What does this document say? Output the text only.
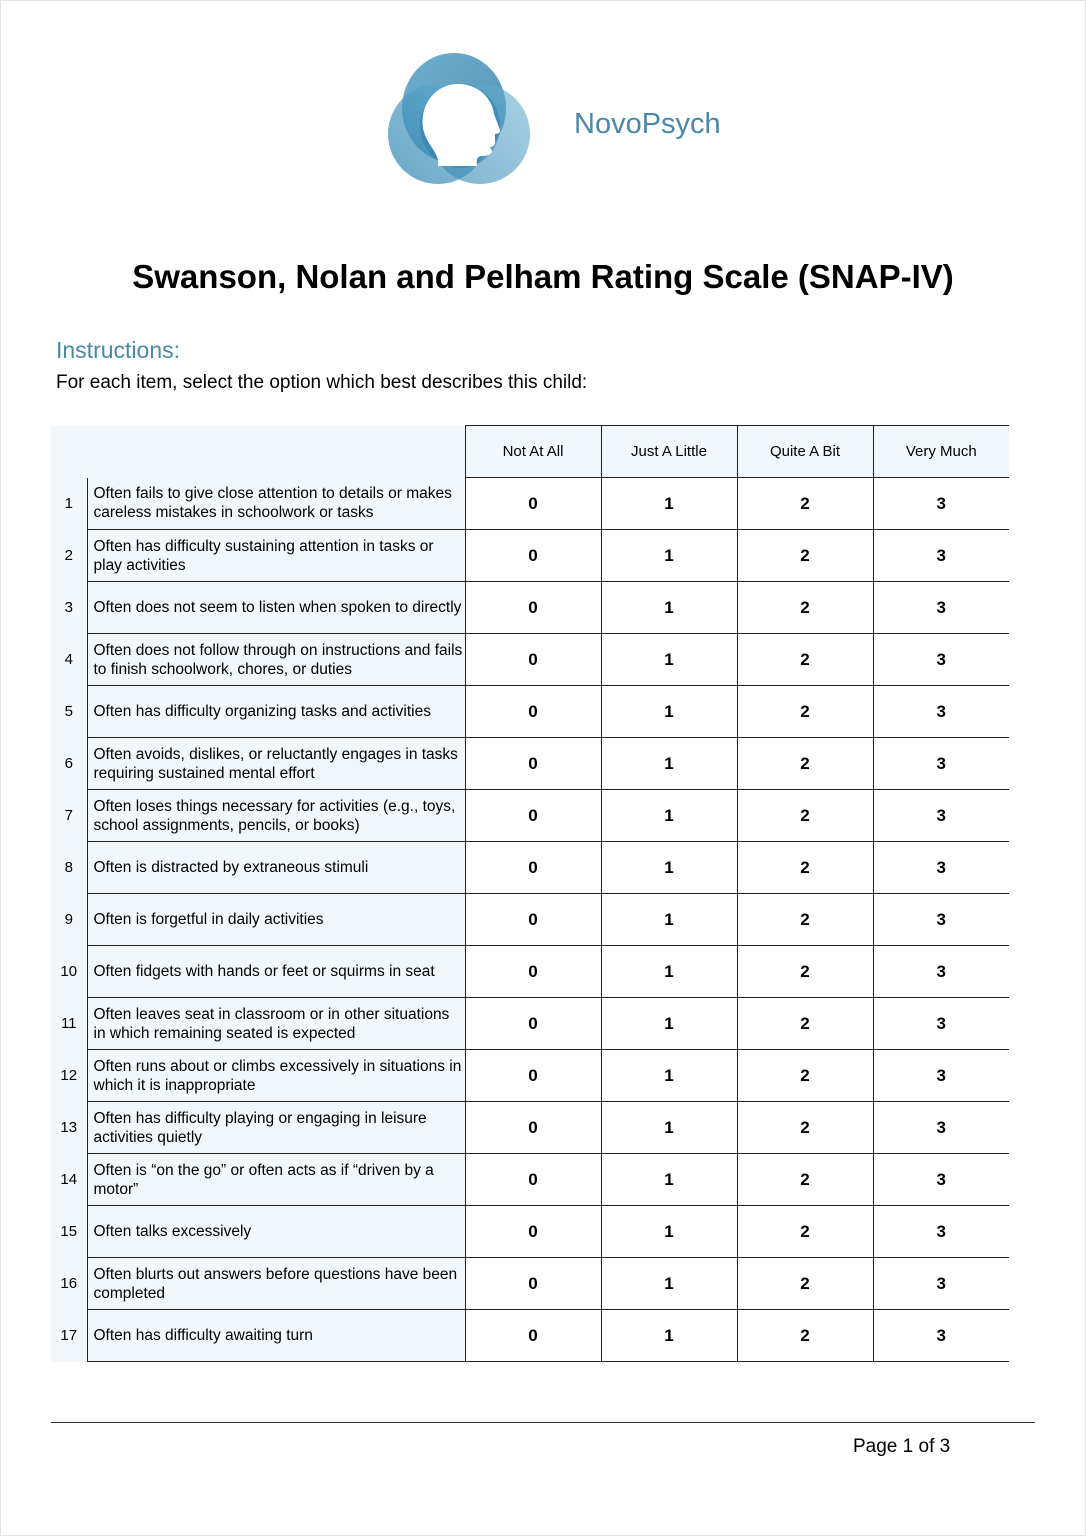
NovoPsych
Swanson, Nolan and Pelham Rating Scale (SNAP-IV)
Instructions:
For each item, select the option which best describes this child:
		Not At All	Just A Little	Quite A Bit	Very Much
1	Often fails to give close attention to details or makes careless mistakes in schoolwork or tasks	0	1	2	3
2	Often has difficulty sustaining attention in tasks or play activities	0	1	2	3
3	Often does not seem to listen when spoken to directly	0	1	2	3
4	Often does not follow through on instructions and fails to finish schoolwork, chores, or duties	0	1	2	3
5	Often has difficulty organizing tasks and activities	0	1	2	3
6	Often avoids, dislikes, or reluctantly engages in tasks requiring sustained mental effort	0	1	2	3
7	Often loses things necessary for activities (e.g., toys, school assignments, pencils, or books)	0	1	2	3
8	Often is distracted by extraneous stimuli	0	1	2	3
9	Often is forgetful in daily activities	0	1	2	3
10	Often fidgets with hands or feet or squirms in seat	0	1	2	3
11	Often leaves seat in classroom or in other situations in which remaining seated is expected	0	1	2	3
12	Often runs about or climbs excessively in situations in which it is inappropriate	0	1	2	3
13	Often has difficulty playing or engaging in leisure activities quietly	0	1	2	3
14	Often is “on the go” or often acts as if “driven by a motor”	0	1	2	3
15	Often talks excessively	0	1	2	3
16	Often blurts out answers before questions have been completed	0	1	2	3
17	Often has difficulty awaiting turn	0	1	2	3
Page 1 of 3
